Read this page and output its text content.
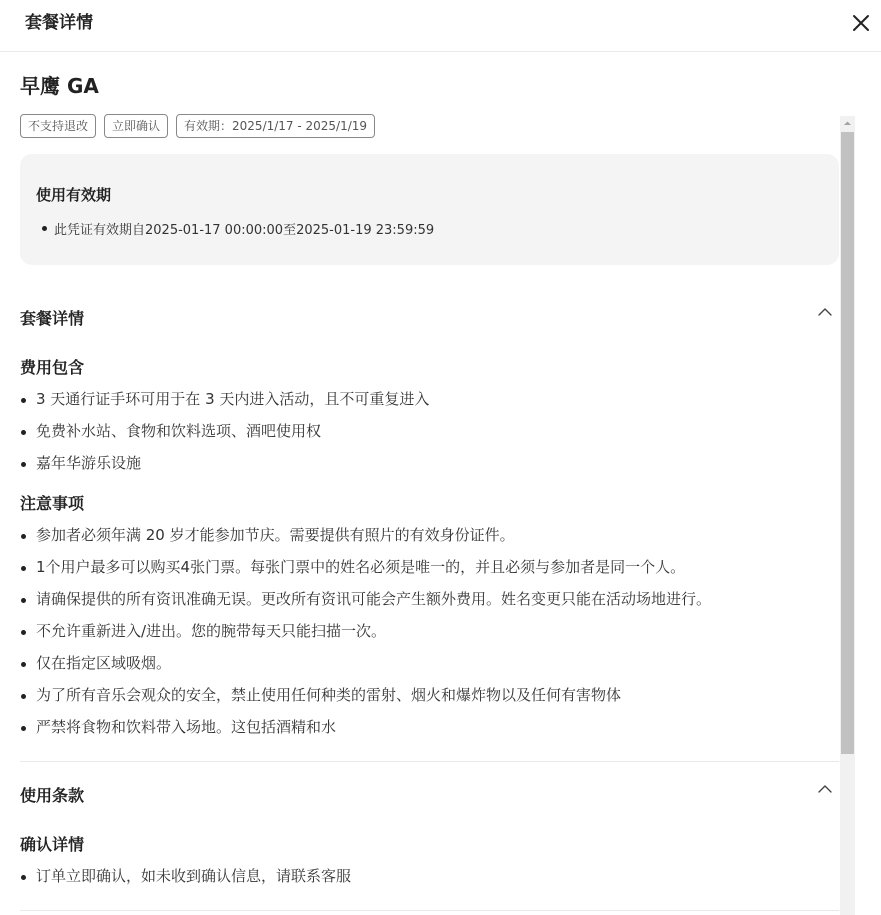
套餐详情
早鹰 GA
不支持退改	立即确认	有效期：2025/1/17 - 2025/1/19
使用有效期
此凭证有效期自2025-01-17 00:00:00至2025-01-19 23:59:59
套餐详情
费用包含
3 天通行证手环可用于在 3 天内进入活动，且不可重复进入
免费补水站、食物和饮料选项、酒吧使用权
嘉年华游乐设施
注意事项
参加者必须年满 20 岁才能参加节庆。需要提供有照片的有效身份证件。
1个用户最多可以购买4张门票。每张门票中的姓名必须是唯一的，并且必须与参加者是同一个人。
请确保提供的所有资讯准确无误。更改所有资讯可能会产生额外费用。姓名变更只能在活动场地进行。
不允许重新进入/进出。您的腕带每天只能扫描一次。
仅在指定区域吸烟。
为了所有音乐会观众的安全，禁止使用任何种类的雷射、烟火和爆炸物以及任何有害物体
严禁将食物和饮料带入场地。这包括酒精和水
使用条款
确认详情
订单立即确认，如未收到确认信息，请联系客服
